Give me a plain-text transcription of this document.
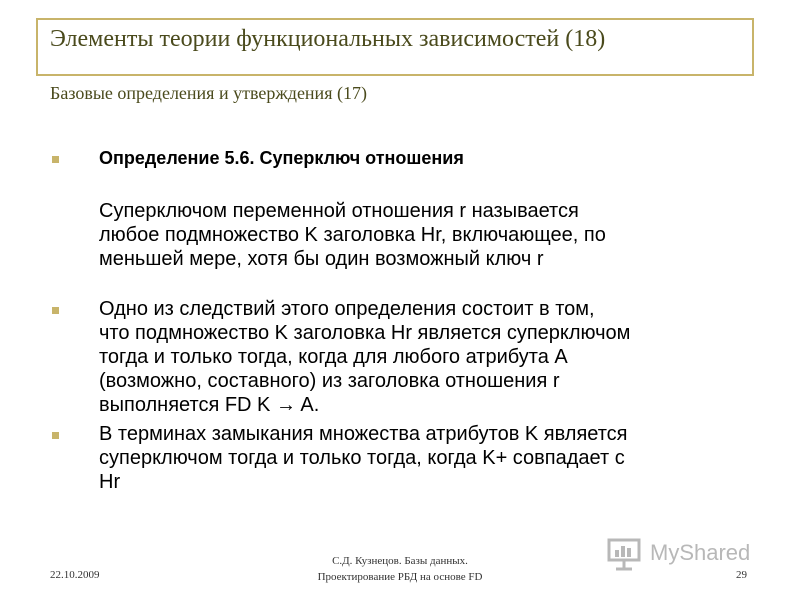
Элементы теории функциональных зависимостей (18)
Базовые определения и утверждения (17)
Определение 5.6. Суперключ отношения
Суперключом переменной отношения r называется
любое подмножество K заголовка Hr, включающее, по
меньшей мере, хотя бы один возможный ключ r
Одно из следствий этого определения состоит в том,
что подмножество K заголовка Hr является суперключом
тогда и только тогда, когда для любого атрибута A
(возможно, составного) из заголовка отношения r
выполняется FD K → A.
В терминах замыкания множества атрибутов K является
суперключом тогда и только тогда, когда K+ совпадает с
Hr
С.Д. Кузнецов. Базы данных.
Проектирование РБД на основе FD
22.10.2009	29
MyShared
